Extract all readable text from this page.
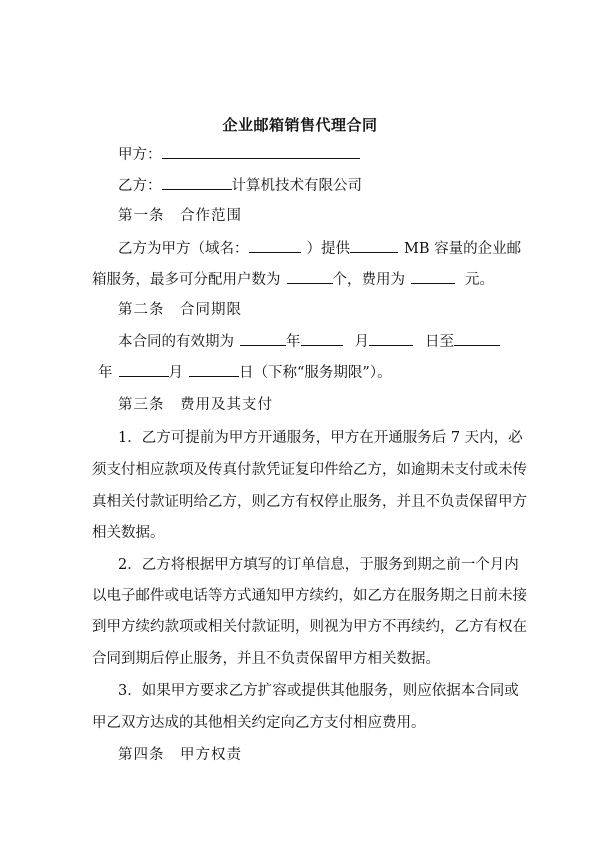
企业邮箱销售代理合同
甲方：
乙方：	计算机技术有限公司
第一条　合作范围
乙方为甲方（域名：	）提供	MB 容量的企业邮
箱服务，最多可分配用户数为	个，费用为	元。
第二条　合同期限
本合同的有效期为	年	月	日至
年	月	日（下称“服务期限”）。
第三条　费用及其支付
1．乙方可提前为甲方开通服务，甲方在开通服务后 7 天内，必
须支付相应款项及传真付款凭证复印件给乙方，如逾期未支付或未传
真相关付款证明给乙方，则乙方有权停止服务，并且不负责保留甲方
相关数据。
2．乙方将根据甲方填写的订单信息，于服务到期之前一个月内
以电子邮件或电话等方式通知甲方续约，如乙方在服务期之日前未接
到甲方续约款项或相关付款证明，则视为甲方不再续约，乙方有权在
合同到期后停止服务，并且不负责保留甲方相关数据。
3．如果甲方要求乙方扩容或提供其他服务，则应依据本合同或
甲乙双方达成的其他相关约定向乙方支付相应费用。
第四条　甲方权责
